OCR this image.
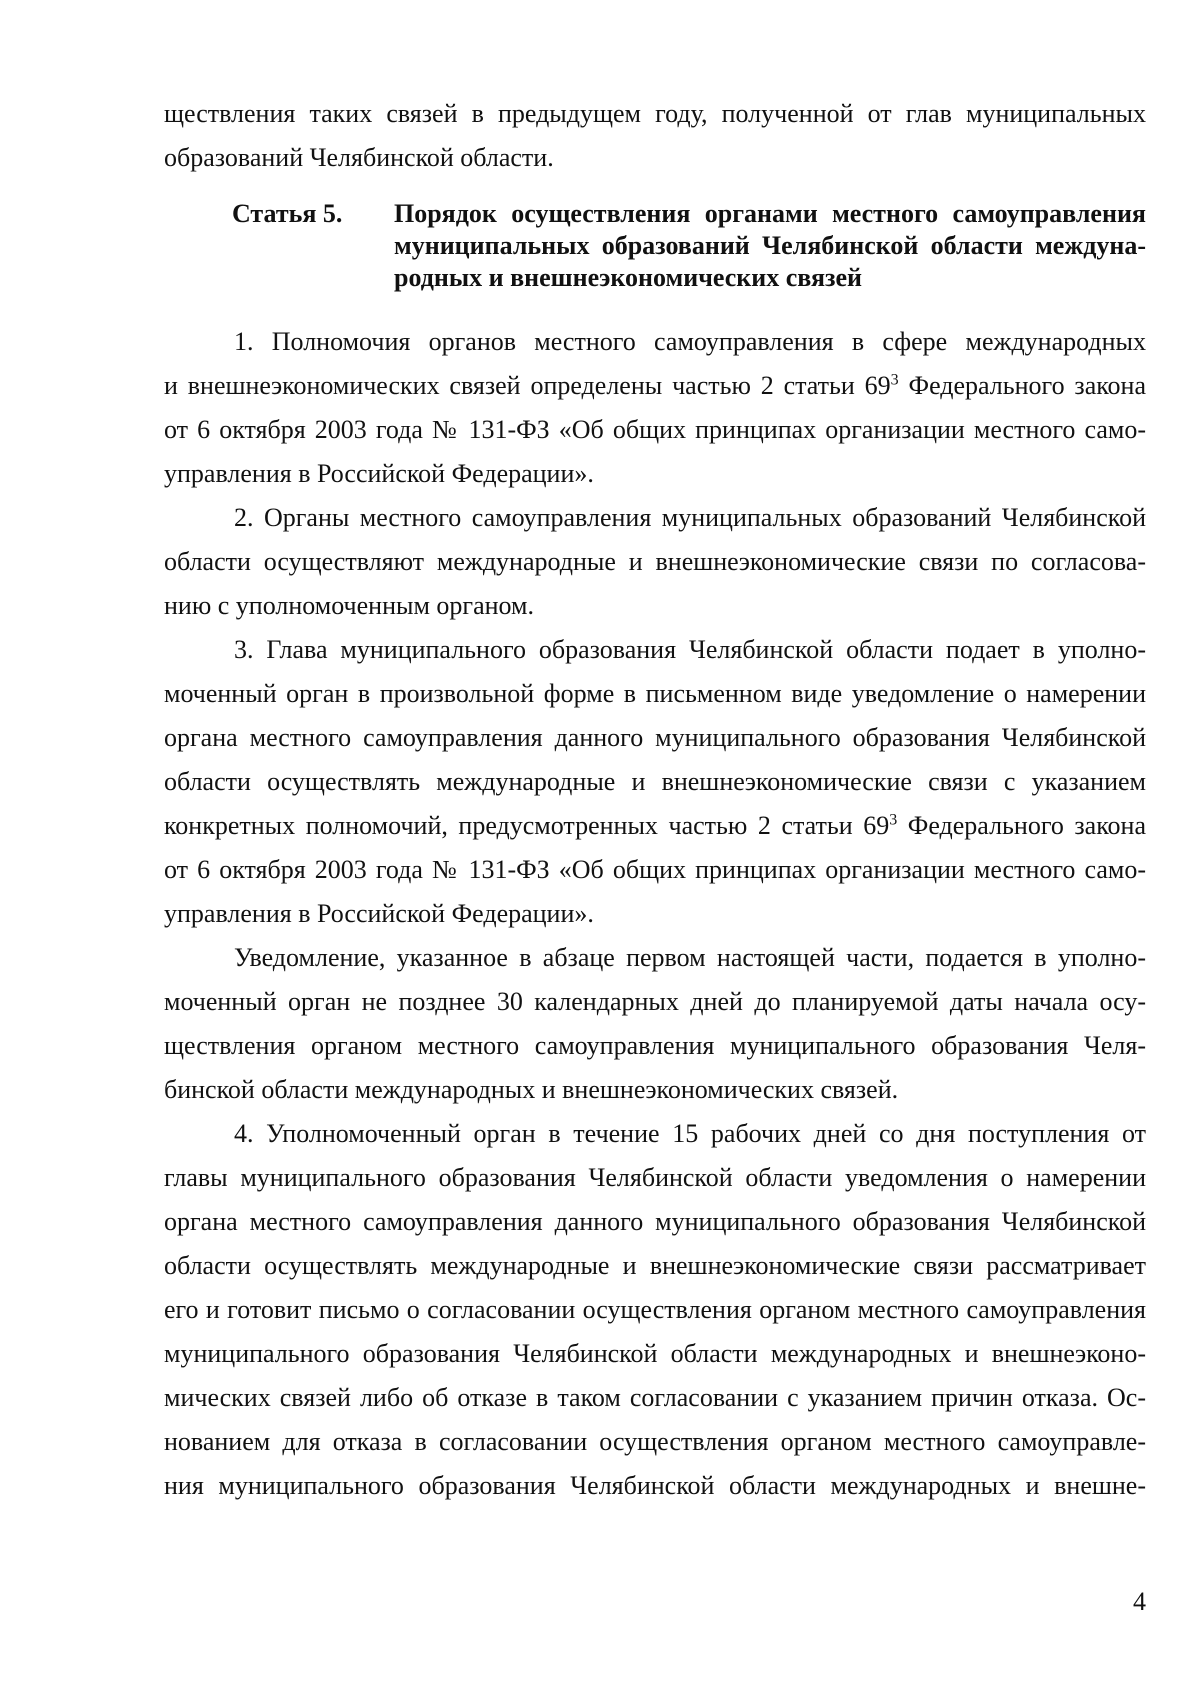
ществления таких связей в предыдущем году, полученной от глав муниципальных
образований Челябинской области.
Статья 5.	Порядок осуществления органами местного самоуправления
муниципальных образований Челябинской области междуна-
родных и внешнеэкономических связей
1. Полномочия органов местного самоуправления в сфере международных
и внешнеэкономических связей определены частью 2 статьи $69^3$ Федерального закона
от 6 октября 2003 года № 131-ФЗ «Об общих принципах организации местного само-
управления в Российской Федерации».
2. Органы местного самоуправления муниципальных образований Челябинской
области осуществляют международные и внешнеэкономические связи по согласова-
нию с уполномоченным органом.
3. Глава муниципального образования Челябинской области подает в уполно-
моченный орган в произвольной форме в письменном виде уведомление о намерении
органа местного самоуправления данного муниципального образования Челябинской
области осуществлять международные и внешнеэкономические связи с указанием
конкретных полномочий, предусмотренных частью 2 статьи $69^3$ Федерального закона
от 6 октября 2003 года № 131-ФЗ «Об общих принципах организации местного само-
управления в Российской Федерации».
Уведомление, указанное в абзаце первом настоящей части, подается в уполно-
моченный орган не позднее 30 календарных дней до планируемой даты начала осу-
ществления органом местного самоуправления муниципального образования Челя-
бинской области международных и внешнеэкономических связей.
4. Уполномоченный орган в течение 15 рабочих дней со дня поступления от
главы муниципального образования Челябинской области уведомления о намерении
органа местного самоуправления данного муниципального образования Челябинской
области осуществлять международные и внешнеэкономические связи рассматривает
его и готовит письмо о согласовании осуществления органом местного самоуправления
муниципального образования Челябинской области международных и внешнеэконо-
мических связей либо об отказе в таком согласовании с указанием причин отказа. Ос-
нованием для отказа в согласовании осуществления органом местного самоуправле-
ния муниципального образования Челябинской области международных и внешне-
4
